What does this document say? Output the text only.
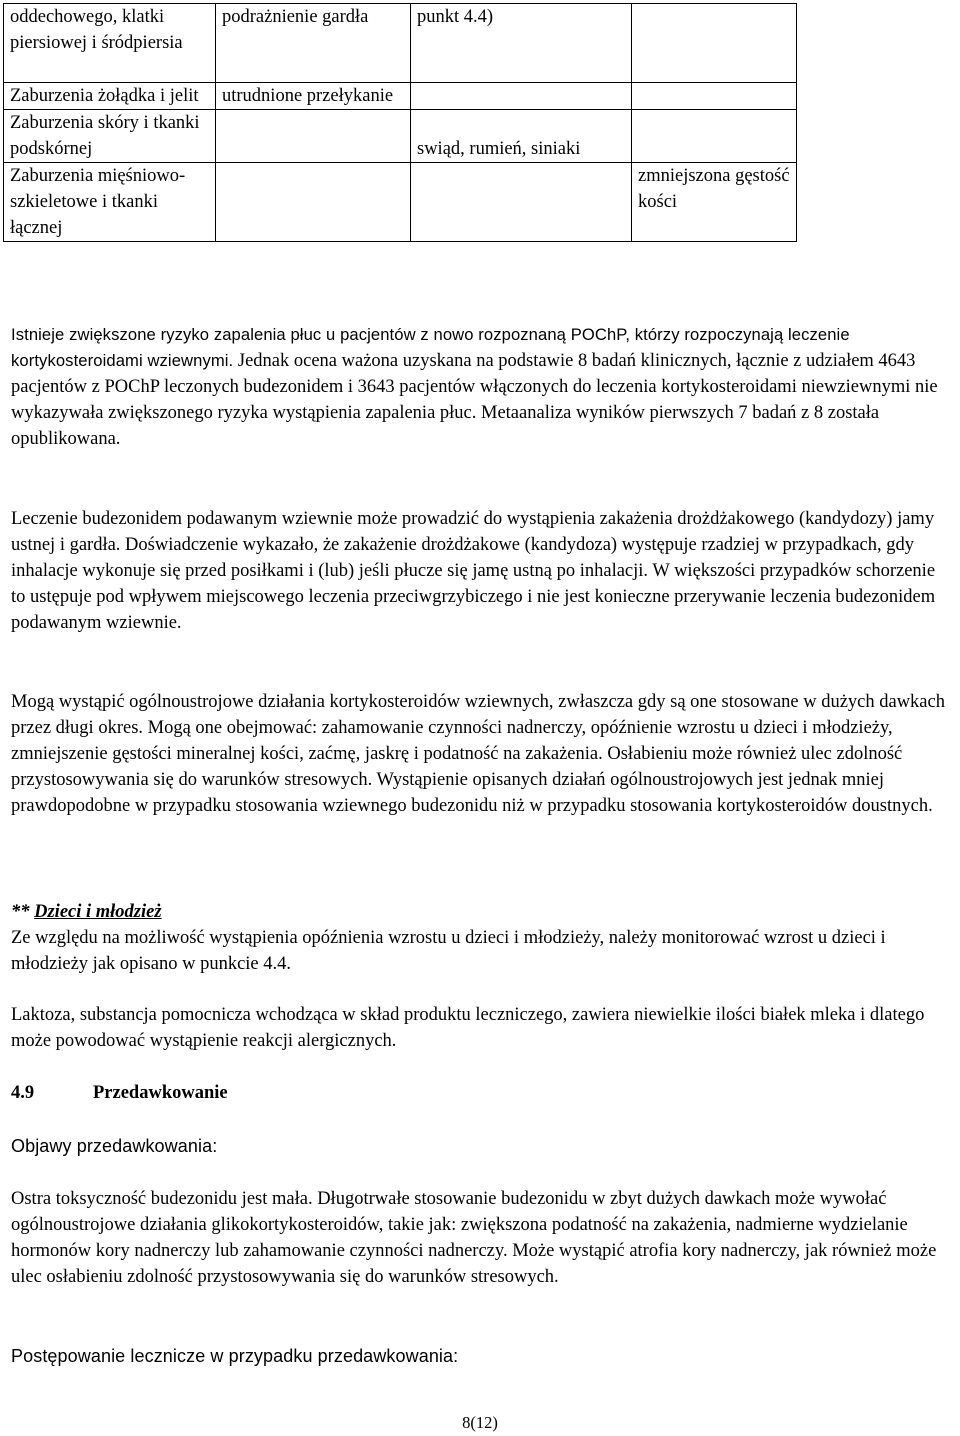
oddechowego, klatki piersiowej i śródpiersia	podrażnienie gardła	punkt 4.4)	
Zaburzenia żołądka i jelit	utrudnione przełykanie		
Zaburzenia skóry i tkanki podskórnej		swiąd, rumień, siniaki	
Zaburzenia mięśniowo-szkieletowe i tkanki łącznej			zmniejszona gęstość kości

Istnieje zwiększone ryzyko zapalenia płuc u pacjentów z nowo rozpoznaną POChP, którzy rozpoczynają leczenie kortykosteroidami wziewnymi. Jednak ocena ważona uzyskana na podstawie 8 badań klinicznych, łącznie z udziałem 4643 pacjentów z POChP leczonych budezonidem i 3643 pacjentów włączonych do leczenia kortykosteroidami niewziewnymi nie wykazywała zwiększonego ryzyka wystąpienia zapalenia płuc. Metaanaliza wyników pierwszych 7 badań z 8 została opublikowana.

Leczenie budezonidem podawanym wziewnie może prowadzić do wystąpienia zakażenia drożdżakowego (kandydozy) jamy ustnej i gardła. Doświadczenie wykazało, że zakażenie drożdżakowe (kandydoza) występuje rzadziej w przypadkach, gdy inhalacje wykonuje się przed posiłkami i (lub) jeśli płucze się jamę ustną po inhalacji. W większości przypadków schorzenie to ustępuje pod wpływem miejscowego leczenia przeciwgrzybiczego i nie jest konieczne przerywanie leczenia budezonidem podawanym wziewnie.

Mogą wystąpić ogólnoustrojowe działania kortykosteroidów wziewnych, zwłaszcza gdy są one stosowane w dużych dawkach przez długi okres. Mogą one obejmować: zahamowanie czynności nadnerczy, opóźnienie wzrostu u dzieci i młodzieży, zmniejszenie gęstości mineralnej kości, zaćmę, jaskrę i podatność na zakażenia. Osłabieniu może również ulec zdolność przystosowywania się do warunków stresowych. Wystąpienie opisanych działań ogólnoustrojowych jest jednak mniej prawdopodobne w przypadku stosowania wziewnego budezonidu niż w przypadku stosowania kortykosteroidów doustnych.

** Dzieci i młodzież

Ze względu na możliwość wystąpienia opóźnienia wzrostu u dzieci i młodzieży, należy monitorować wzrost u dzieci i młodzieży jak opisano w punkcie 4.4.

Laktoza, substancja pomocnicza wchodząca w skład produktu leczniczego, zawiera niewielkie ilości białek mleka i dlatego może powodować wystąpienie reakcji alergicznych.

4.9	Przedawkowanie

Objawy przedawkowania:

Ostra toksyczność budezonidu jest mała. Długotrwałe stosowanie budezonidu w zbyt dużych dawkach może wywołać ogólnoustrojowe działania glikokortykosteroidów, takie jak: zwiększona podatność na zakażenia, nadmierne wydzielanie hormonów kory nadnerczy lub zahamowanie czynności nadnerczy. Może wystąpić atrofia kory nadnerczy, jak również może ulec osłabieniu zdolność przystosowywania się do warunków stresowych.

Postępowanie lecznicze w przypadku przedawkowania:

8(12)
